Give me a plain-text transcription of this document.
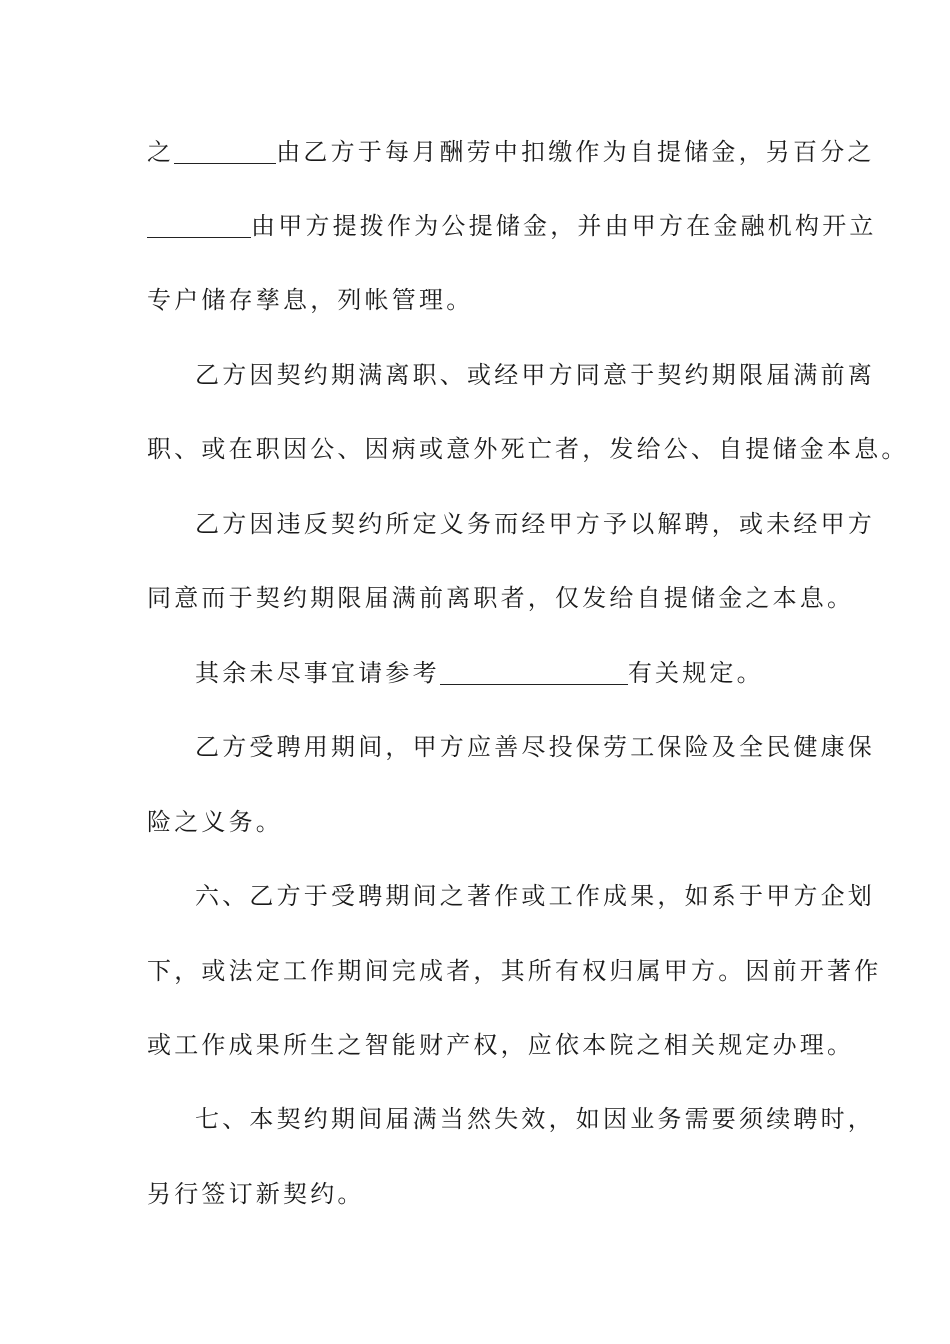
之	由乙方于每月酬劳中扣缴作为自提储金，另百分之
由甲方提拨作为公提储金，并由甲方在金融机构开立
专户储存孳息，列帐管理。
乙方因契约期满离职、或经甲方同意于契约期限届满前离
职、或在职因公、因病或意外死亡者，发给公、自提储金本息。
乙方因违反契约所定义务而经甲方予以解聘，或未经甲方
同意而于契约期限届满前离职者，仅发给自提储金之本息。
其余未尽事宜请参考	有关规定。
乙方受聘用期间，甲方应善尽投保劳工保险及全民健康保
险之义务。
六、乙方于受聘期间之著作或工作成果，如系于甲方企划
下，或法定工作期间完成者，其所有权归属甲方。因前开著作
或工作成果所生之智能财产权，应依本院之相关规定办理。
七、本契约期间届满当然失效，如因业务需要须续聘时，
另行签订新契约。
